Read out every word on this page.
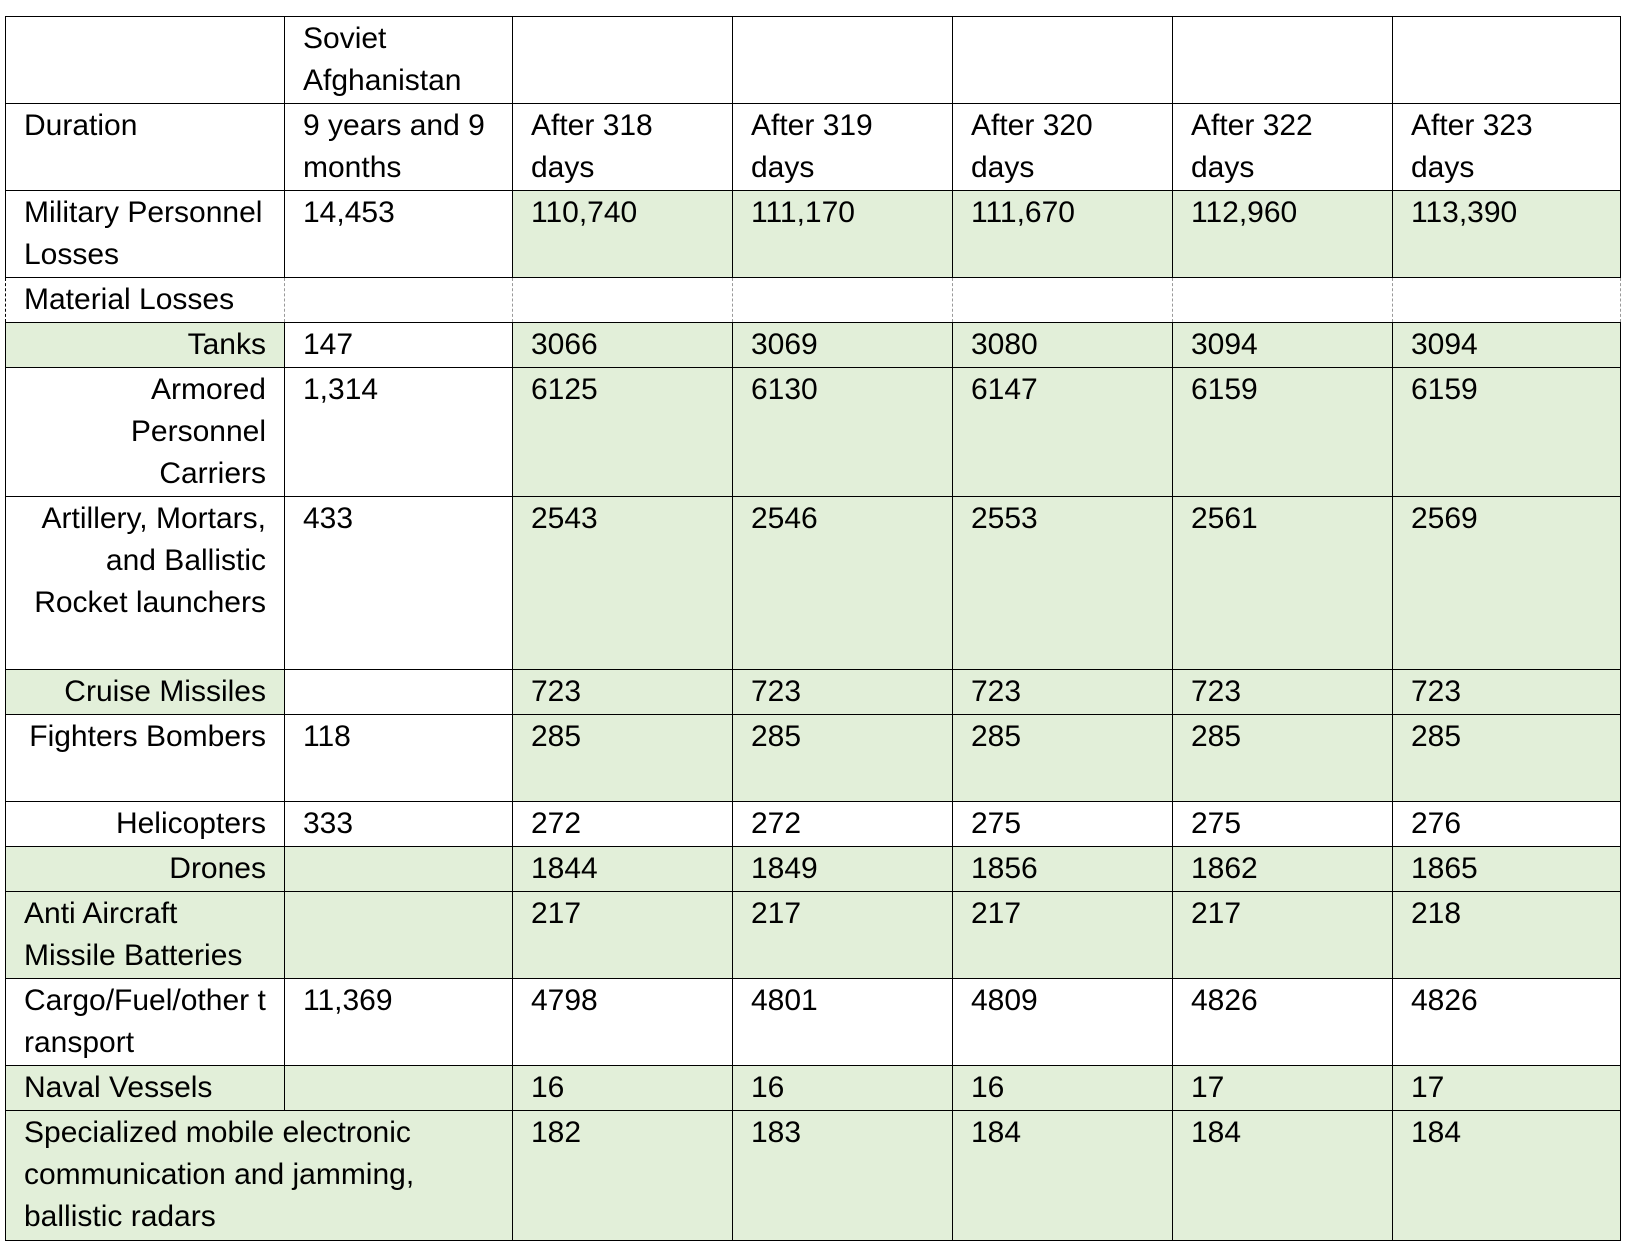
	Soviet Afghanistan					
Duration	9 years and 9 months	After 318 days	After 319 days	After 320 days	After 322 days	After 323 days
Military Personnel Losses	14,453	110,740	111,170	111,670	112,960	113,390
Material Losses						
Tanks	147	3066	3069	3080	3094	3094
Armored Personnel Carriers	1,314	6125	6130	6147	6159	6159
Artillery, Mortars, and Ballistic Rocket launchers	433	2543	2546	2553	2561	2569
Cruise Missiles		723	723	723	723	723
Fighters Bombers	118	285	285	285	285	285
Helicopters	333	272	272	275	275	276
Drones		1844	1849	1856	1862	1865
Anti Aircraft Missile Batteries		217	217	217	217	218
Cargo/Fuel/other transport	11,369	4798	4801	4809	4826	4826
Naval Vessels		16	16	16	17	17
Specialized mobile electronic communication and jamming, ballistic radars		182	183	184	184	184
